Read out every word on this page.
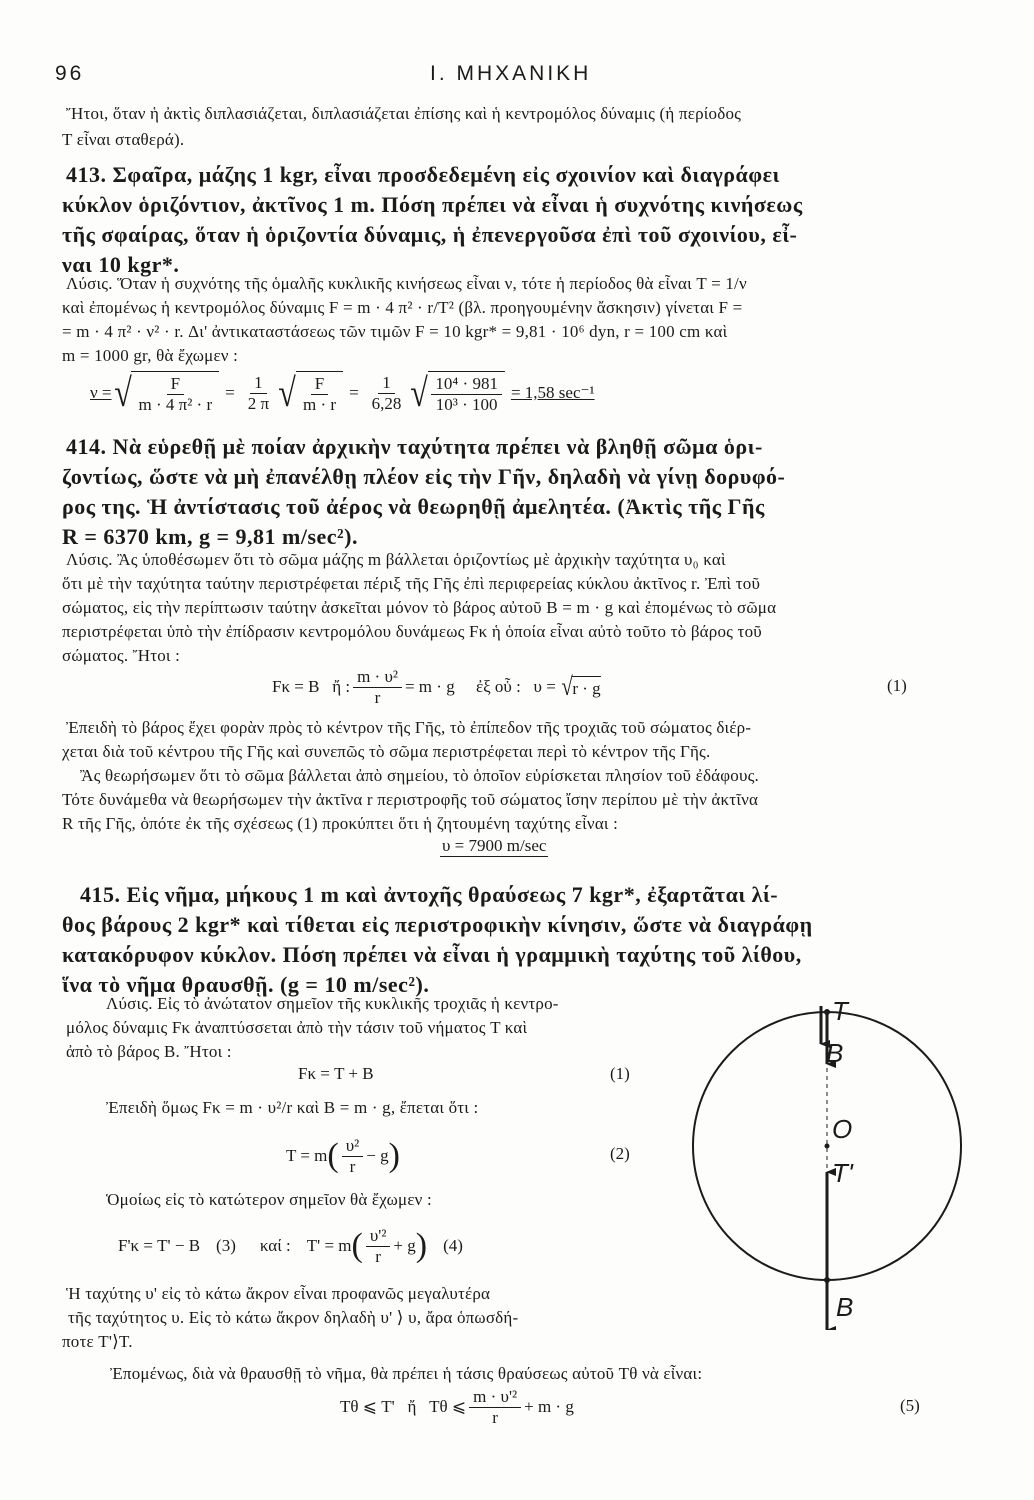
96	Ι. ΜΗΧΑΝΙΚΗ
Ἤτοι, ὅταν ἡ ἀκτὶς διπλασιάζεται, διπλασιάζεται ἐπίσης καὶ ἡ κεντρομόλος δύναμις (ἡ περίοδος
Τ εἶναι σταθερά).
413. Σφαῖρα, μάζης 1 kgr, εἶναι προσδεδεμένη εἰς σχοινίον καὶ διαγράφει
κύκλον ὁριζόντιον, ἀκτῖνος 1 m. Πόση πρέπει νὰ εἶναι ἡ συχνότης κινήσεως
τῆς σφαίρας, ὅταν ἡ ὁριζοντία δύναμις, ἡ ἐπενεργοῦσα ἐπὶ τοῦ σχοινίου, εἶ-
ναι 10 kgr*.
Λύσις. Ὅταν ἡ συχνότης τῆς ὁμαλῆς κυκλικῆς κινήσεως εἶναι ν, τότε ἡ περίοδος θὰ εἶναι T = 1/ν
καὶ ἐπομένως ἡ κεντρομόλος δύναμις F = m · 4 π² · r/T² (βλ. προηγουμένην ἄσκησιν) γίνεται F =
= m · 4 π² · ν² · r. Δι' ἀντικαταστάσεως τῶν τιμῶν F = 10 kgr* = 9,81 · 10⁶ dyn, r = 100 cm καὶ
m = 1000 gr, θὰ ἔχωμεν :
ν = √ $\frac{F}{\text{m · 4 π² · r}} = \frac{1}{2 \pi}$ √ $\frac{F}{m \cdot r} = \frac{1}{6,28}$ √ $\frac{\text{10⁴ · 981}}{\text{10³ · 100}} = 1,58$ sec⁻¹
414. Νὰ εὑρεθῇ μὲ ποίαν ἀρχικὴν ταχύτητα πρέπει νὰ βληθῇ σῶμα ὁρι-
ζοντίως, ὥστε νὰ μὴ ἐπανέλθῃ πλέον εἰς τὴν Γῆν, δηλαδὴ νὰ γίνῃ δορυφό-
ρος της. Ἡ ἀντίστασις τοῦ ἀέρος νὰ θεωρηθῇ ἀμελητέα. (Ἀκτὶς τῆς Γῆς
R = 6370 km, g = 9,81 m/sec²).
Λύσις. Ἂς ὑποθέσωμεν ὅτι τὸ σῶμα μάζης m βάλλεται ὁριζοντίως μὲ ἀρχικὴν ταχύτητα υ₀ καὶ
ὅτι μὲ τὴν ταχύτητα ταύτην περιστρέφεται πέριξ τῆς Γῆς ἐπὶ περιφερείας κύκλου ἀκτῖνος r. Ἐπὶ τοῦ
σώματος, εἰς τὴν περίπτωσιν ταύτην ἀσκεῖται μόνον τὸ βάρος αὐτοῦ B = m · g καὶ ἐπομένως τὸ σῶμα
περιστρέφεται ὑπὸ τὴν ἐπίδρασιν κεντρομόλου δυνάμεως Fκ ἡ ὁποία εἶναι αὐτὸ τοῦτο τὸ βάρος τοῦ
σώματος. Ἤτοι :
Fκ = B   ἤ : $\frac{\text{m · υ²}}{r} = m \cdot g$     ἐξ οὗ :   υ = √ r · g	(1)
Ἐπειδὴ τὸ βάρος ἔχει φορὰν πρὸς τὸ κέντρον τῆς Γῆς, τὸ ἐπίπεδον τῆς τροχιᾶς τοῦ σώματος διέρ-
χεται διὰ τοῦ κέντρου τῆς Γῆς καὶ συνεπῶς τὸ σῶμα περιστρέφεται περὶ τὸ κέντρον τῆς Γῆς.
Ἂς θεωρήσωμεν ὅτι τὸ σῶμα βάλλεται ἀπὸ σημείου, τὸ ὁποῖον εὑρίσκεται πλησίον τοῦ ἐδάφους.
Τότε δυνάμεθα νὰ θεωρήσωμεν τὴν ἀκτῖνα r περιστροφῆς τοῦ σώματος ἴσην περίπου μὲ τὴν ἀκτῖνα
R τῆς Γῆς, ὁπότε ἐκ τῆς σχέσεως (1) προκύπτει ὅτι ἡ ζητουμένη ταχύτης εἶναι :
υ = 7900 m/sec
415. Εἰς νῆμα, μήκους 1 m καὶ ἀντοχῆς θραύσεως 7 kgr*, ἐξαρτᾶται λί-
θος βάρους 2 kgr* καὶ τίθεται εἰς περιστροφικὴν κίνησιν, ὥστε νὰ διαγράφῃ
κατακόρυφον κύκλον. Πόση πρέπει νὰ εἶναι ἡ γραμμικὴ ταχύτης τοῦ λίθου,
ἵνα τὸ νῆμα θραυσθῇ. (g = 10 m/sec²).
Λύσις. Εἰς τὸ ἀνώτατον σημεῖον τῆς κυκλικῆς τροχιᾶς ἡ κεντρο-
μόλος δύναμις Fκ ἀναπτύσσεται ἀπὸ τὴν τάσιν τοῦ νήματος T καὶ
ἀπὸ τὸ βάρος B. Ἤτοι :
Fκ = T + B	(1)
Ἐπειδὴ ὅμως Fκ = m · υ²/r καὶ B = m · g, ἔπεται ὅτι :
T = m ( $\frac{\text{υ²}}{r} - g$ )	(2)
Ὁμοίως εἰς τὸ κατώτερον σημεῖον θὰ ἔχωμεν :
F'κ = T' − B (3) καί : T' = m ( $\frac{\text{υ'²}}{r} + g$ ) (4)
Ἡ ταχύτης υ' εἰς τὸ κάτω ἄκρον εἶναι προφανῶς μεγαλυτέρα
τῆς ταχύτητος υ. Εἰς τὸ κάτω ἄκρον δηλαδὴ υ' ⟩ υ, ἄρα ὁπωσδή-
ποτε T'⟩T.
Ἐπομένως, διὰ νὰ θραυσθῇ τὸ νῆμα, θὰ πρέπει ἡ τάσις θραύσεως αὐτοῦ Tθ νὰ εἶναι:
Tθ ⩽ T'   ἤ   Tθ ⩽ $\frac{\text{m · υ'²}}{r} + m \cdot g$	(5)
T
B
O
T'
B
